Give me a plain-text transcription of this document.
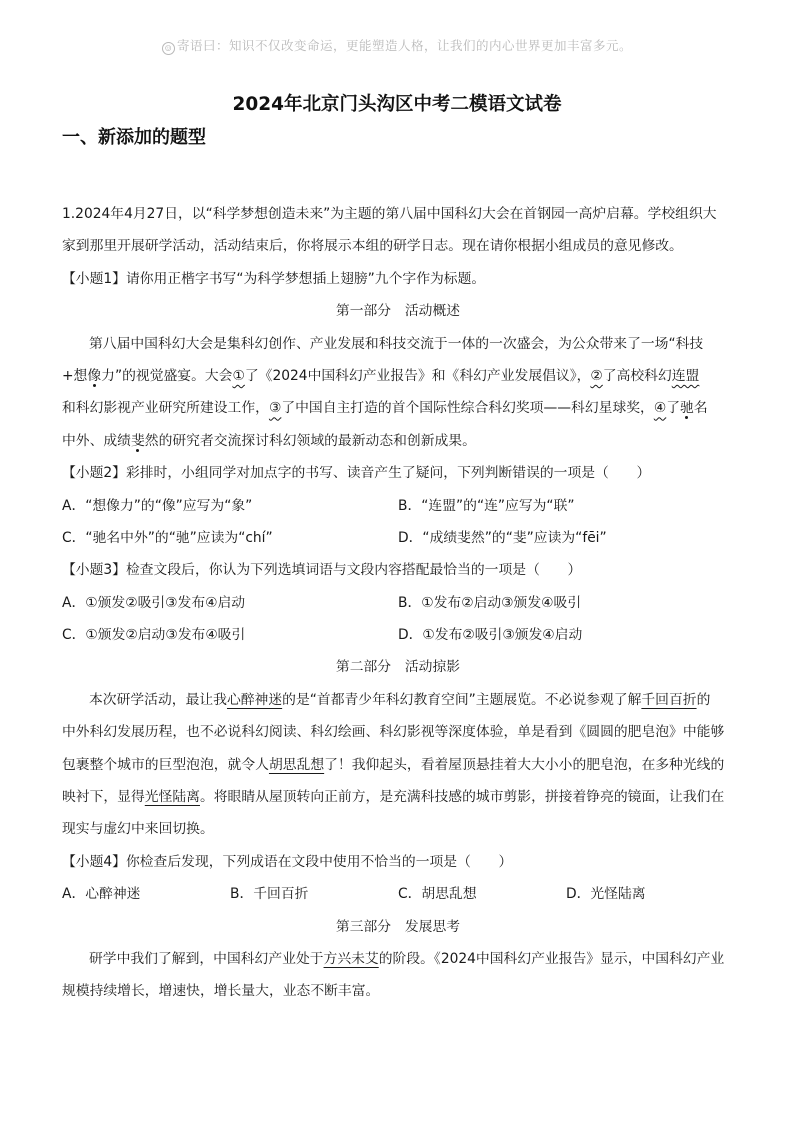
☺ 寄语曰：知识不仅改变命运，更能塑造人格，让我们的内心世界更加丰富多元。
2024年北京门头沟区中考二模语文试卷
一、新添加的题型
1.2024年4月27日，以“科学梦想创造未来”为主题的第八届中国科幻大会在首钢园一高炉启幕。学校组织大
家到那里开展研学活动，活动结束后，你将展示本组的研学日志。现在请你根据小组成员的意见修改。
【小题1】请你用正楷字书写“为科学梦想插上翅膀”九个字作为标题。
第一部分　活动概述
第八届中国科幻大会是集科幻创作、产业发展和科技交流于一体的一次盛会，为公众带来了一场“科技
+想像力”的视觉盛宴。大会①了《2024中国科幻产业报告》和《科幻产业发展倡议》，②了高校科幻连盟
和科幻影视产业研究所建设工作，③了中国自主打造的首个国际性综合科幻奖项——科幻星球奖，④了驰名
中外、成绩斐然的研究者交流探讨科幻领域的最新动态和创新成果。
【小题2】彩排时，小组同学对加点字的书写、读音产生了疑问，下列判断错误的一项是（　　）
A．“想像力”的“像”应写为“象”	B．“连盟”的“连”应写为“联”
C．“驰名中外”的“驰”应读为“chí”	D．“成绩斐然”的“斐”应读为“fēi”
【小题3】检查文段后，你认为下列选填词语与文段内容搭配最恰当的一项是（　　）
A．①颁发②吸引③发布④启动	B．①发布②启动③颁发④吸引
C．①颁发②启动③发布④吸引	D．①发布②吸引③颁发④启动
第二部分　活动掠影
本次研学活动，最让我心醉神迷的是“首都青少年科幻教育空间”主题展览。不必说参观了解千回百折的
中外科幻发展历程，也不必说科幻阅读、科幻绘画、科幻影视等深度体验，单是看到《圆圆的肥皂泡》中能够
包裹整个城市的巨型泡泡，就令人胡思乱想了！我仰起头，看着屋顶悬挂着大大小小的肥皂泡，在多种光线的
映衬下，显得光怪陆离。将眼睛从屋顶转向正前方，是充满科技感的城市剪影，拼接着铮亮的镜面，让我们在
现实与虚幻中来回切换。
【小题4】你检查后发现，下列成语在文段中使用不恰当的一项是（　　）
A．心醉神迷	B．千回百折	C．胡思乱想	D．光怪陆离
第三部分　发展思考
研学中我们了解到，中国科幻产业处于方兴未艾的阶段。《2024中国科幻产业报告》显示，中国科幻产业
规模持续增长，增速快，增长量大，业态不断丰富。
